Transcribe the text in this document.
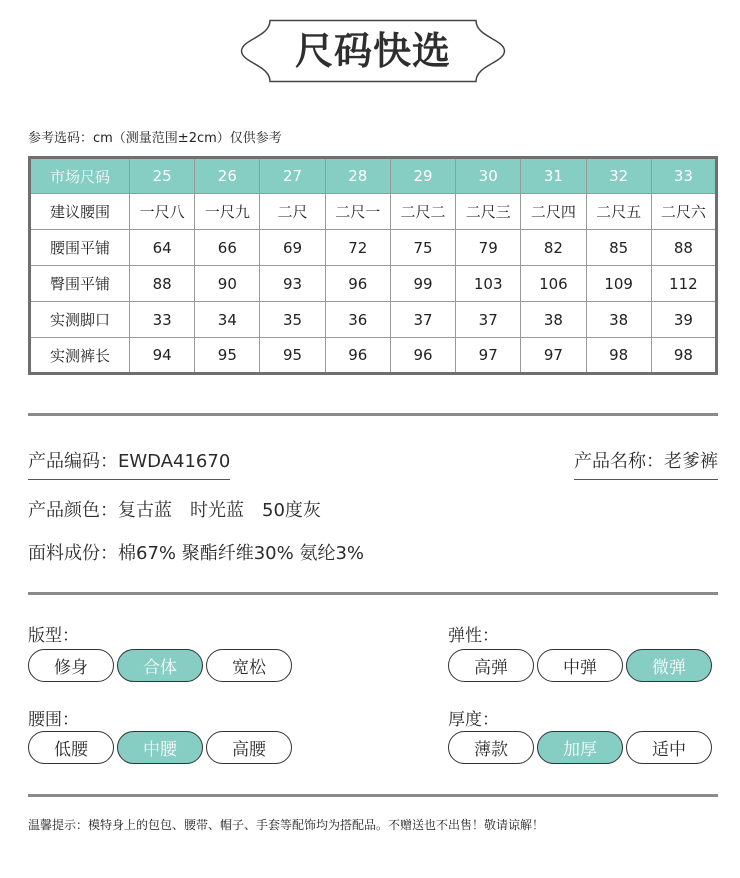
尺码快选
参考选码：cm（测量范围±2cm）仅供参考
市场尺码	25	26	27	28	29	30	31	32	33
建议腰围	一尺八	一尺九	二尺	二尺一	二尺二	二尺三	二尺四	二尺五	二尺六
腰围平铺	64	66	69	72	75	79	82	85	88
臀围平铺	88	90	93	96	99	103	106	109	112
实测脚口	33	34	35	36	37	37	38	38	39
实测裤长	94	95	95	96	96	97	97	98	98
产品编码：EWDA41670	产品名称：老爹裤
产品颜色：复古蓝　时光蓝　50度灰
面料成份：棉67% 聚酯纤维30% 氨纶3%
版型：
修身	合体	宽松
弹性：
高弹	中弹	微弹
腰围：
低腰	中腰	高腰
厚度：
薄款	加厚	适中
温馨提示：模特身上的包包、腰带、帽子、手套等配饰均为搭配品。不赠送也不出售！敬请谅解！
